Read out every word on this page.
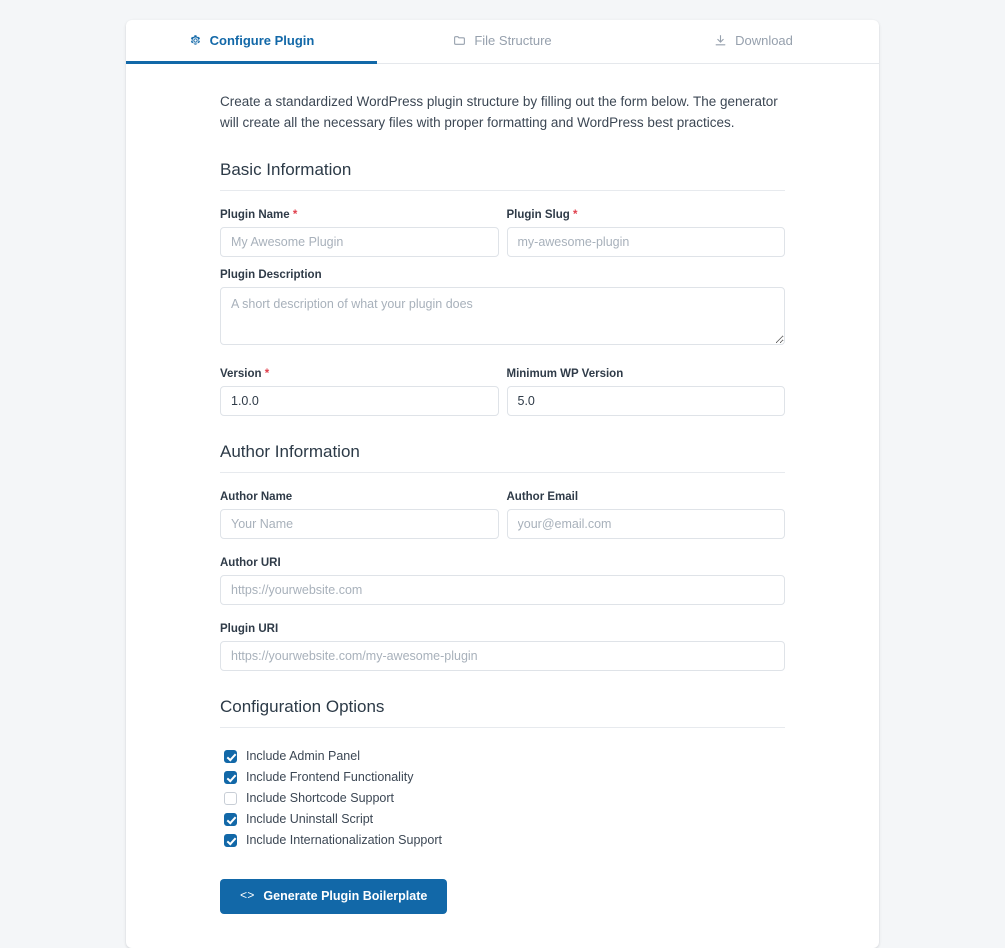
Configure Plugin	File Structure	Download

Create a standardized WordPress plugin structure by filling out the form below. The generator will create all the necessary files with proper formatting and WordPress best practices.

Basic Information
Plugin Name *
My Awesome Plugin	Plugin Slug *
my-awesome-plugin
Plugin Description
A short description of what your plugin does
Version *
1.0.0	Minimum WP Version
5.0
Author Information
Author Name
Your Name	Author Email
your@email.com
Author URI
https://yourwebsite.com
Plugin URI
https://yourwebsite.com/my-awesome-plugin
Configuration Options
Include Admin Panel
Include Frontend Functionality
Include Shortcode Support
Include Uninstall Script
Include Internationalization Support
<> Generate Plugin Boilerplate
